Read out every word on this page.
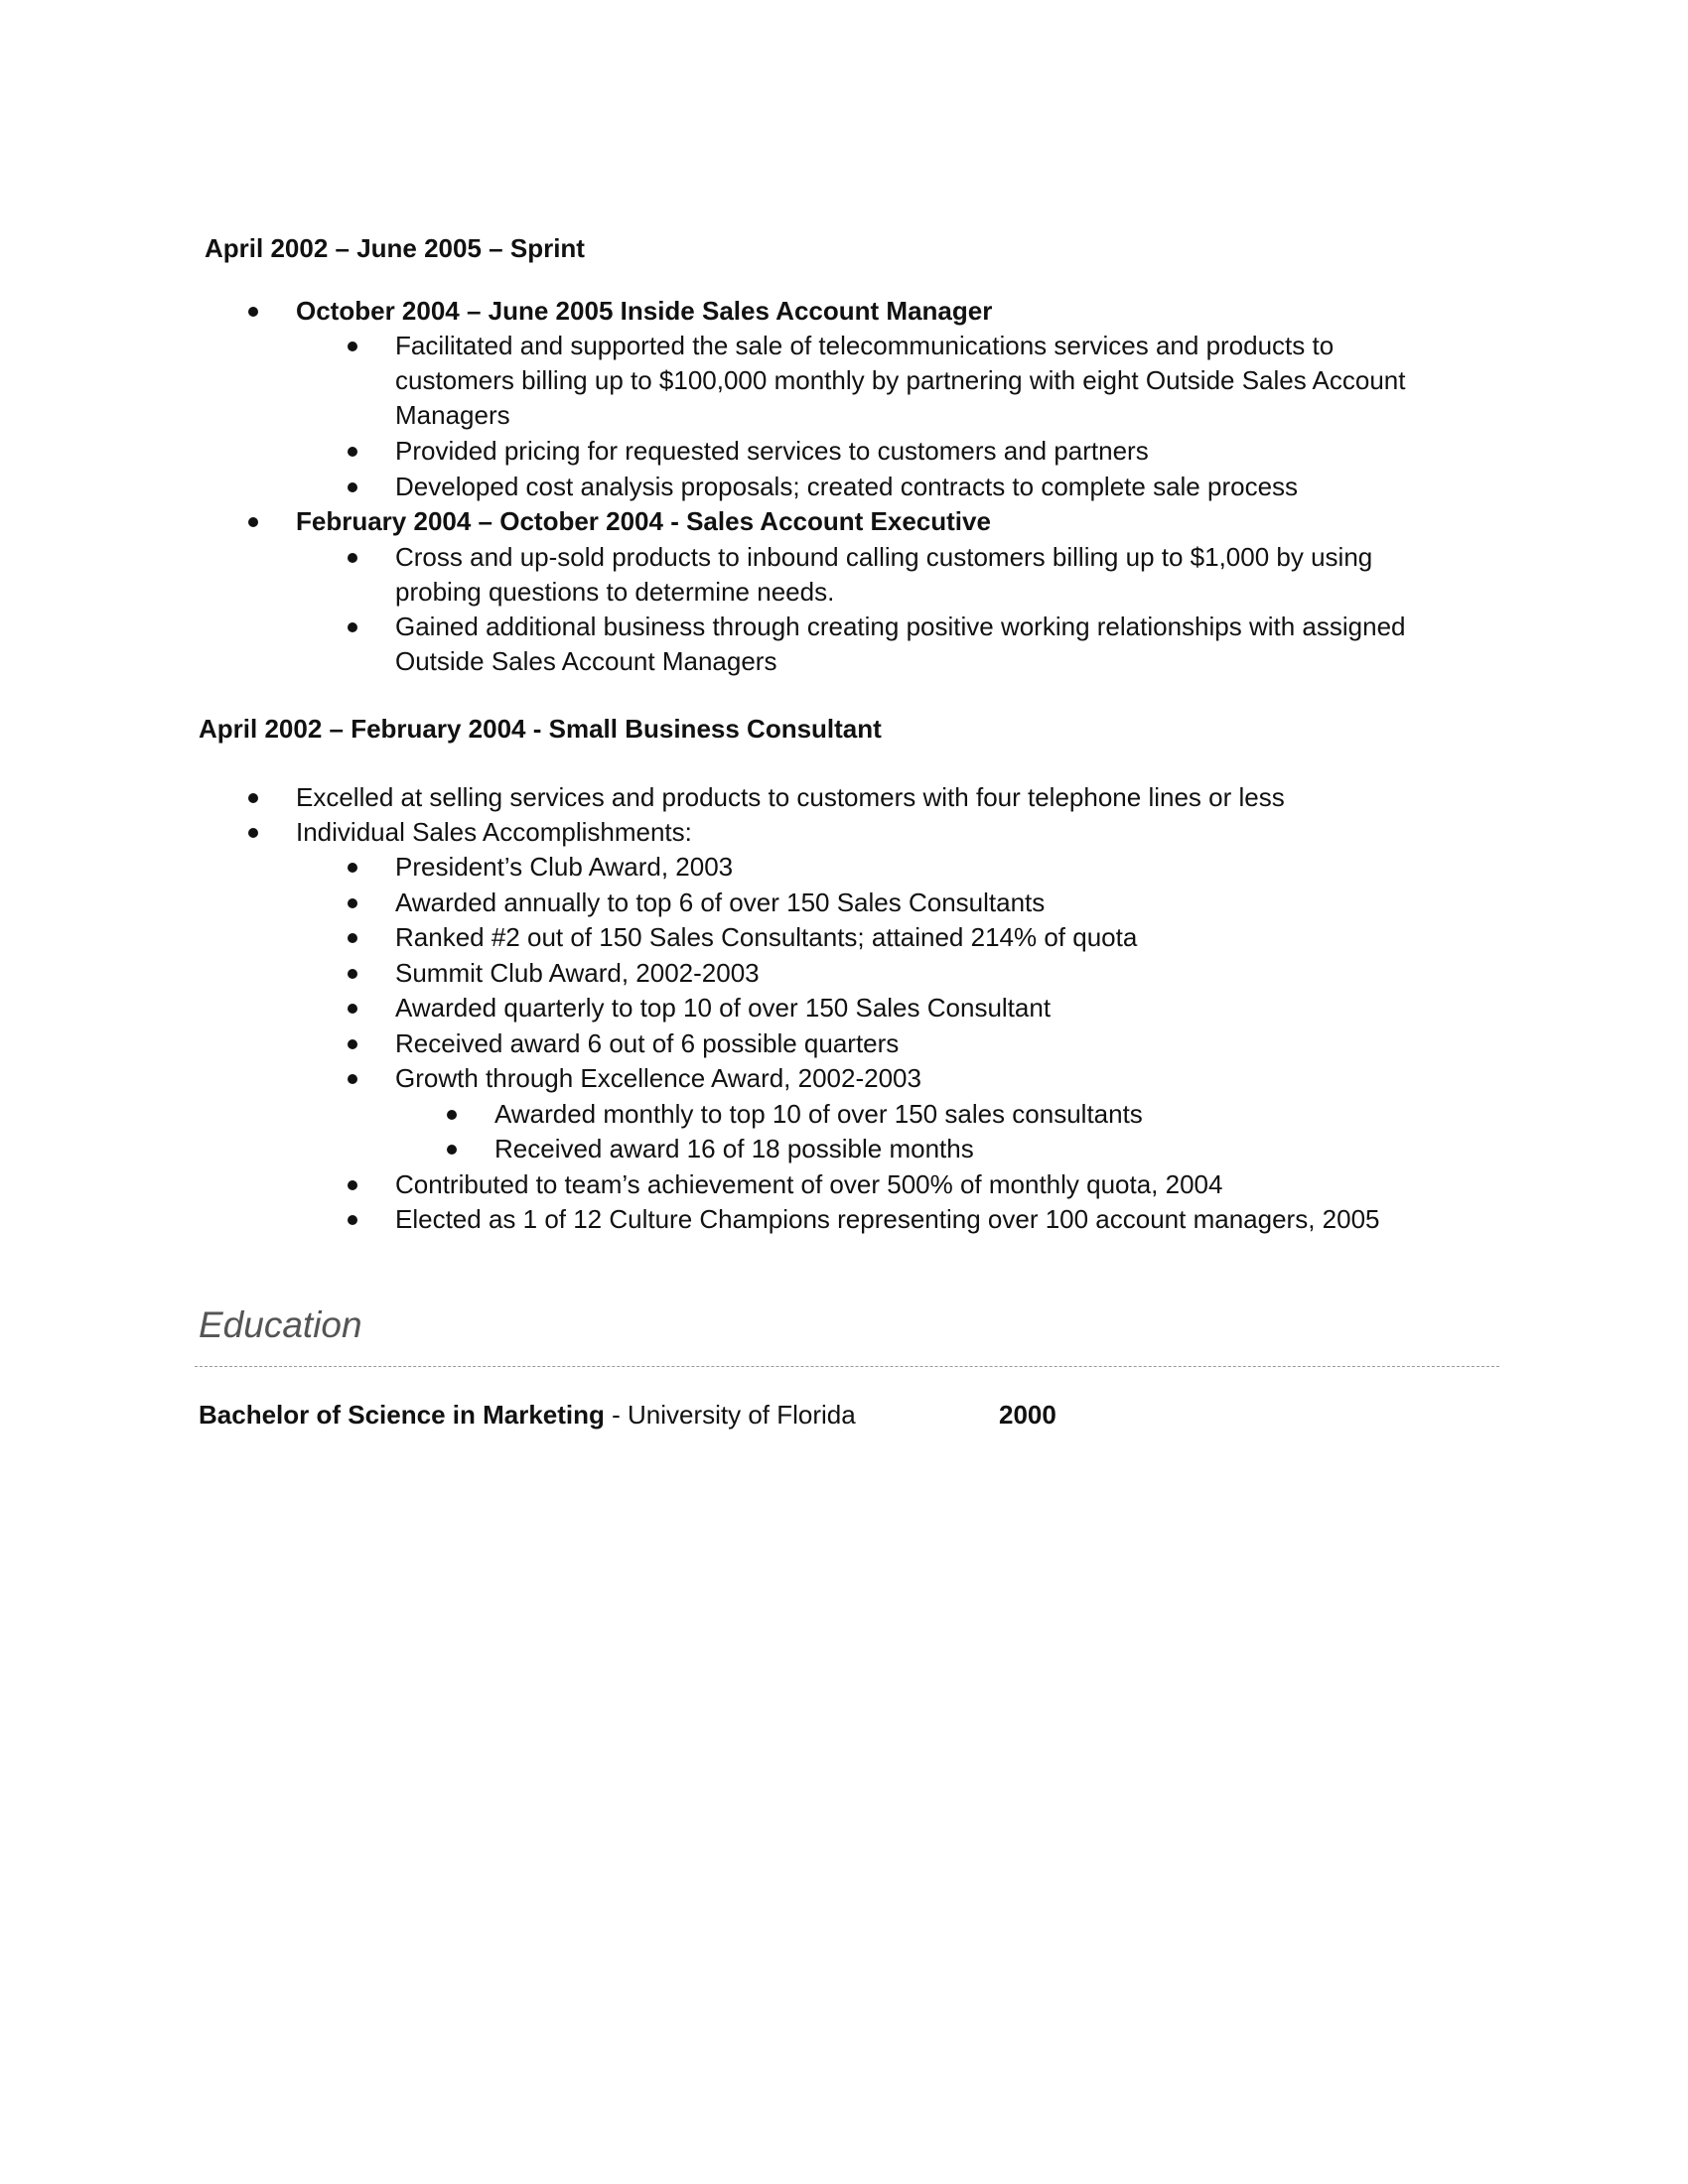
April 2002 – June 2005 – Sprint
October 2004 – June 2005 Inside Sales Account Manager
Facilitated and supported the sale of telecommunications services and products to
customers billing up to $100,000 monthly by partnering with eight Outside Sales Account
Managers
Provided pricing for requested services to customers and partners
Developed cost analysis proposals; created contracts to complete sale process
February 2004 – October 2004 - Sales Account Executive
Cross and up-sold products to inbound calling customers billing up to $1,000 by using
probing questions to determine needs.
Gained additional business through creating positive working relationships with assigned
Outside Sales Account Managers
April 2002 – February 2004 - Small Business Consultant
Excelled at selling services and products to customers with four telephone lines or less
Individual Sales Accomplishments:
President’s Club Award, 2003
Awarded annually to top 6 of over 150 Sales Consultants
Ranked #2 out of 150 Sales Consultants; attained 214% of quota
Summit Club Award, 2002-2003
Awarded quarterly to top 10 of over 150 Sales Consultant
Received award 6 out of 6 possible quarters
Growth through Excellence Award, 2002-2003
Awarded monthly to top 10 of over 150 sales consultants
Received award 16 of 18 possible months
Contributed to team’s achievement of over 500% of monthly quota, 2004
Elected as 1 of 12 Culture Champions representing over 100 account managers, 2005
Education
Bachelor of Science in Marketing - University of Florida	2000
